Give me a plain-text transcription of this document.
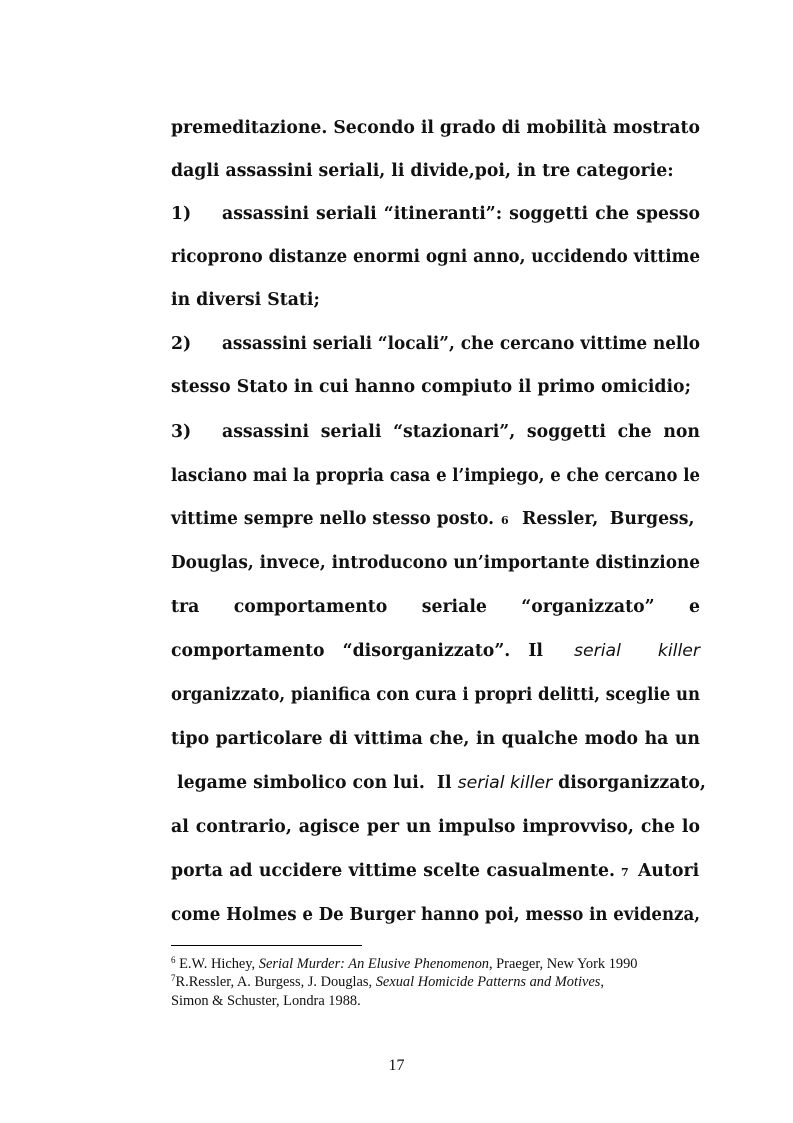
premeditazione. Secondo il grado di mobilità mostrato
dagli assassini seriali, li divide,poi, in tre categorie:
1) assassini seriali “itineranti”: soggetti che spesso
ricoprono distanze enormi ogni anno, uccidendo vittime
in diversi Stati;
2) assassini seriali “locali”, che cercano vittime nello
stesso Stato in cui hanno compiuto il primo omicidio;
3) assassini seriali “stazionari”, soggetti che non
lasciano mai la propria casa e l’impiego, e che cercano le
vittime sempre nello stesso posto. 6 Ressler, Burgess,
Douglas, invece, introducono un’importante distinzione
tra comportamento seriale “organizzato” e
comportamento “disorganizzato”. Il serial killer
organizzato, pianifica con cura i propri delitti, sceglie un
tipo particolare di vittima che, in qualche modo ha un
legame simbolico con lui.  Il serial killer disorganizzato,
al contrario, agisce per un impulso improvviso, che lo
porta ad uccidere vittime scelte casualmente. 7 Autori
come Holmes e De Burger hanno poi, messo in evidenza,
$^6$ E.W. Hichey, Serial Murder: An Elusive Phenomenon, Praeger, New York 1990
$^7$R.Ressler, A. Burgess, J. Douglas, Sexual Homicide Patterns and Motives,
Simon & Schuster, Londra 1988.
17
